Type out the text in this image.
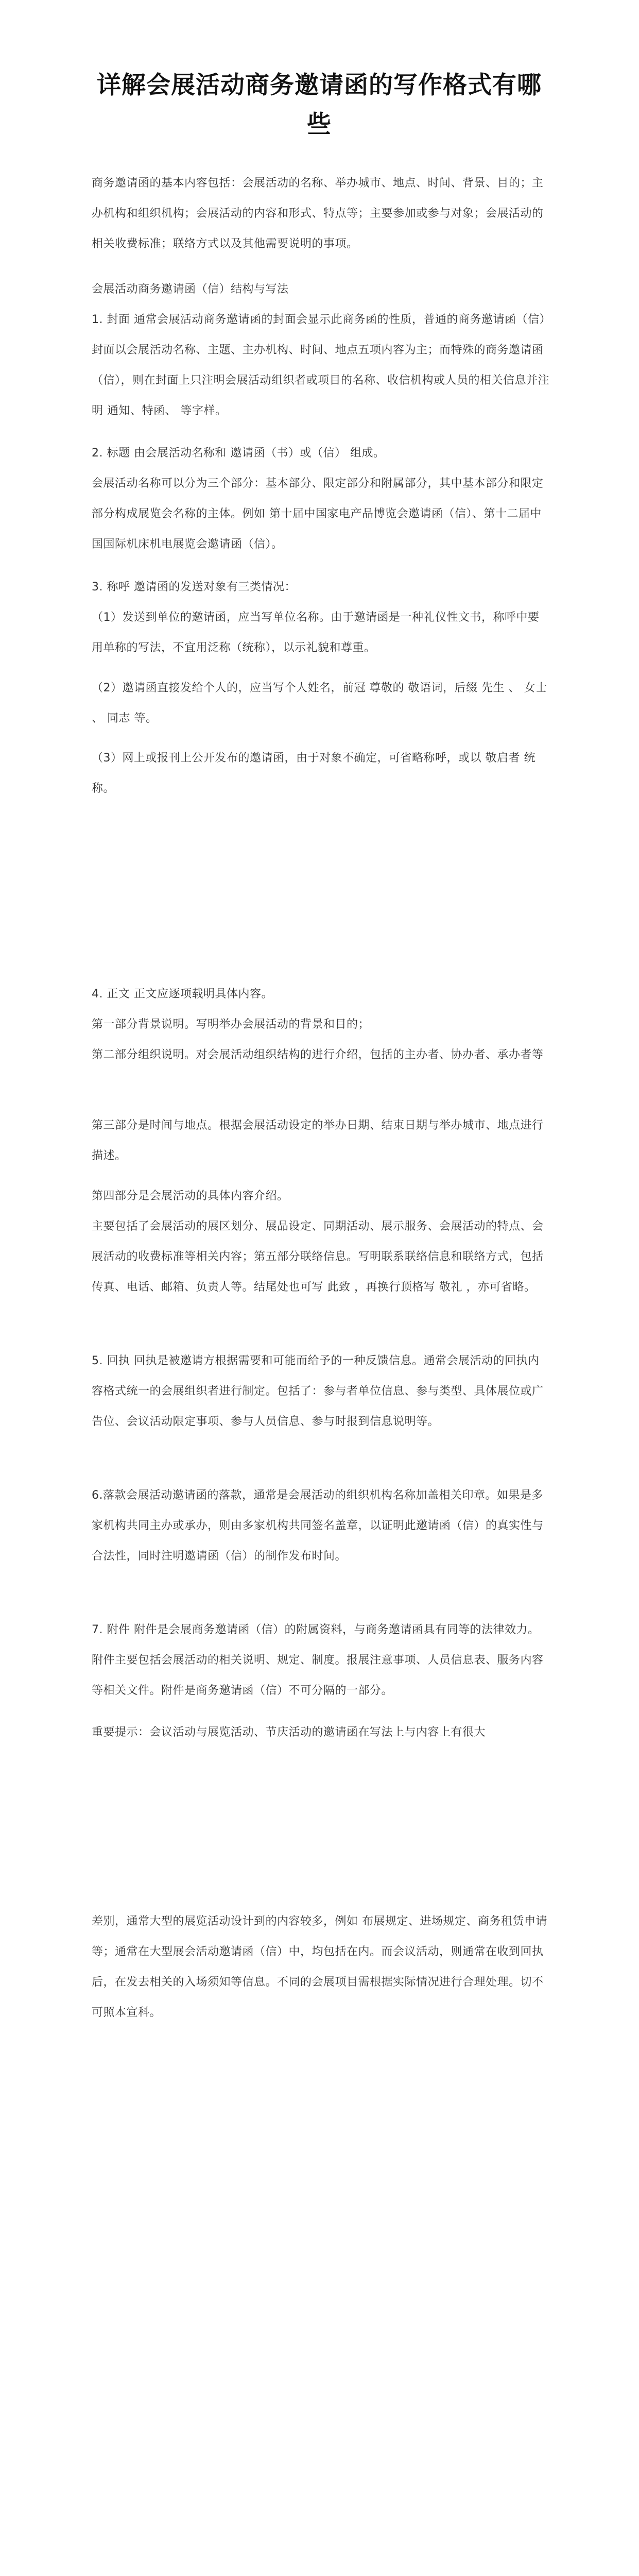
详解会展活动商务邀请函的写作格式有哪些

商务邀请函的基本内容包括：会展活动的名称、举办城市、地点、时间、背景、目的；主办机构和组织机构；会展活动的内容和形式、特点等；主要参加或参与对象；会展活动的相关收费标准；联络方式以及其他需要说明的事项。

会展活动商务邀请函（信）结构与写法

1. 封面 通常会展活动商务邀请函的封面会显示此商务函的性质，普通的商务邀请函（信）封面以会展活动名称、主题、主办机构、时间、地点五项内容为主；而特殊的商务邀请函（信），则在封面上只注明会展活动组织者或项目的名称、收信机构或人员的相关信息并注明 通知、特函、 等字样。

2. 标题 由会展活动名称和 邀请函（书）或（信） 组成。

会展活动名称可以分为三个部分：基本部分、限定部分和附属部分，其中基本部分和限定部分构成展览会名称的主体。例如 第十届中国家电产品博览会邀请函（信）、第十二届中国国际机床机电展览会邀请函（信）。

3. 称呼 邀请函的发送对象有三类情况：

（1）发送到单位的邀请函，应当写单位名称。由于邀请函是一种礼仪性文书，称呼中要用单称的写法，不宜用泛称（统称），以示礼貌和尊重。

（2）邀请函直接发给个人的，应当写个人姓名，前冠 尊敬的 敬语词，后缀 先生 、 女士 、 同志 等。

（3）网上或报刊上公开发布的邀请函，由于对象不确定，可省略称呼，或以 敬启者 统称。

4. 正文 正文应逐项载明具体内容。

第一部分背景说明。写明举办会展活动的背景和目的；

第二部分组织说明。对会展活动组织结构的进行介绍，包括的主办者、协办者、承办者等

第三部分是时间与地点。根据会展活动设定的举办日期、结束日期与举办城市、地点进行描述。

第四部分是会展活动的具体内容介绍。

主要包括了会展活动的展区划分、展品设定、同期活动、展示服务、会展活动的特点、会展活动的收费标准等相关内容；第五部分联络信息。写明联系联络信息和联络方式，包括传真、电话、邮箱、负责人等。结尾处也可写 此致 ，再换行顶格写 敬礼 ，亦可省略。

5. 回执 回执是被邀请方根据需要和可能而给予的一种反馈信息。通常会展活动的回执内容格式统一的会展组织者进行制定。包括了：参与者单位信息、参与类型、具体展位或广告位、会议活动限定事项、参与人员信息、参与时报到信息说明等。

6.落款会展活动邀请函的落款，通常是会展活动的组织机构名称加盖相关印章。如果是多家机构共同主办或承办，则由多家机构共同签名盖章，以证明此邀请函（信）的真实性与合法性，同时注明邀请函（信）的制作发布时间。

7. 附件 附件是会展商务邀请函（信）的附属资料，与商务邀请函具有同等的法律效力。附件主要包括会展活动的相关说明、规定、制度。报展注意事项、人员信息表、服务内容等相关文件。附件是商务邀请函（信）不可分隔的一部分。

重要提示：会议活动与展览活动、节庆活动的邀请函在写法上与内容上有很大

差别，通常大型的展览活动设计到的内容较多，例如 布展规定、进场规定、商务租赁申请等；通常在大型展会活动邀请函（信）中，均包括在内。而会议活动，则通常在收到回执后，在发去相关的入场须知等信息。不同的会展项目需根据实际情况进行合理处理。切不可照本宣科。
